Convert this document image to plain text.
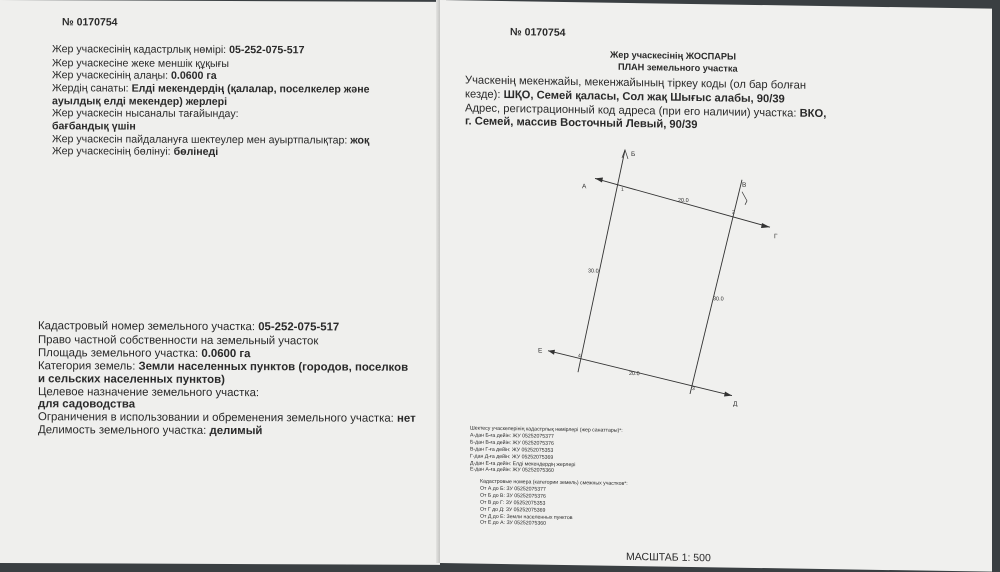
№ 0170754
Жер учаскесінің кадастрлық нөмірі: 05-252-075-517
Жер учаскесіне жеке меншік құқығы
Жер учаскесінің алаңы: 0.0600 га
Жердің санаты: Елді мекендердің (қалалар, поселкелер және
ауылдық елді мекендер) жерлері
Жер учаскесін нысаналы тағайындау:
бағбандық үшін
Жер учаскесін пайдалануға шектеулер мен ауыртпалықтар: жоқ
Жер учаскесінің бөлінуі: бөлінеді
Кадастровый номер земельного участка: 05-252-075-517
Право частной собственности на земельный участок
Площадь земельного участка: 0.0600 га
Категория земель: Земли населенных пунктов (городов, поселков
и сельских населенных пунктов)
Целевое назначение земельного участка:
для садоводства
Ограничения в использовании и обременения земельного участка: нет
Делимость земельного участка: делимый
№ 0170754
Жер учаскесінің ЖОСПАРЫ
ПЛАН земельного участка
Учаскенің мекенжайы, мекенжайының тіркеу коды (ол бар болған
кезде): ШҚО, Семей қаласы, Сол жақ Шығыс алабы, 90/39
Адрес, регистрационный код адреса (при его наличии) участка: ВКО,
г. Семей, массив Восточный Левый, 90/39
А
Б
В
Г
Д
Е
20.0
30.0
20.0
30.0
1
2
3
4
Шектесу учаскелерінің кадастрлық нөмірлері (жер санаттары)*:
А-дан Б-ға дейін: ЖУ 05252075377
Б-дан В-ға дейін: ЖУ 05252075376
В-дан Г-ға дейін: ЖУ 05252075353
Г-дан Д-ға дейін: ЖУ 05252075369
Д-дан Е-ға дейін: Елді мекендердің жерлері
Е-дан А-ға дейін: ЖУ 05252075360
Кадастровые номера (категории земель) смежных участков*:
От А до Б: ЗУ 05252075377
От Б до В: ЗУ 05252075376
От В до Г: ЗУ 05252075353
От Г до Д: ЗУ 05252075369
От Д до Е: Земли населенных пунктов
От Е до А: ЗУ 05252075360
МАСШТАБ 1: 500
